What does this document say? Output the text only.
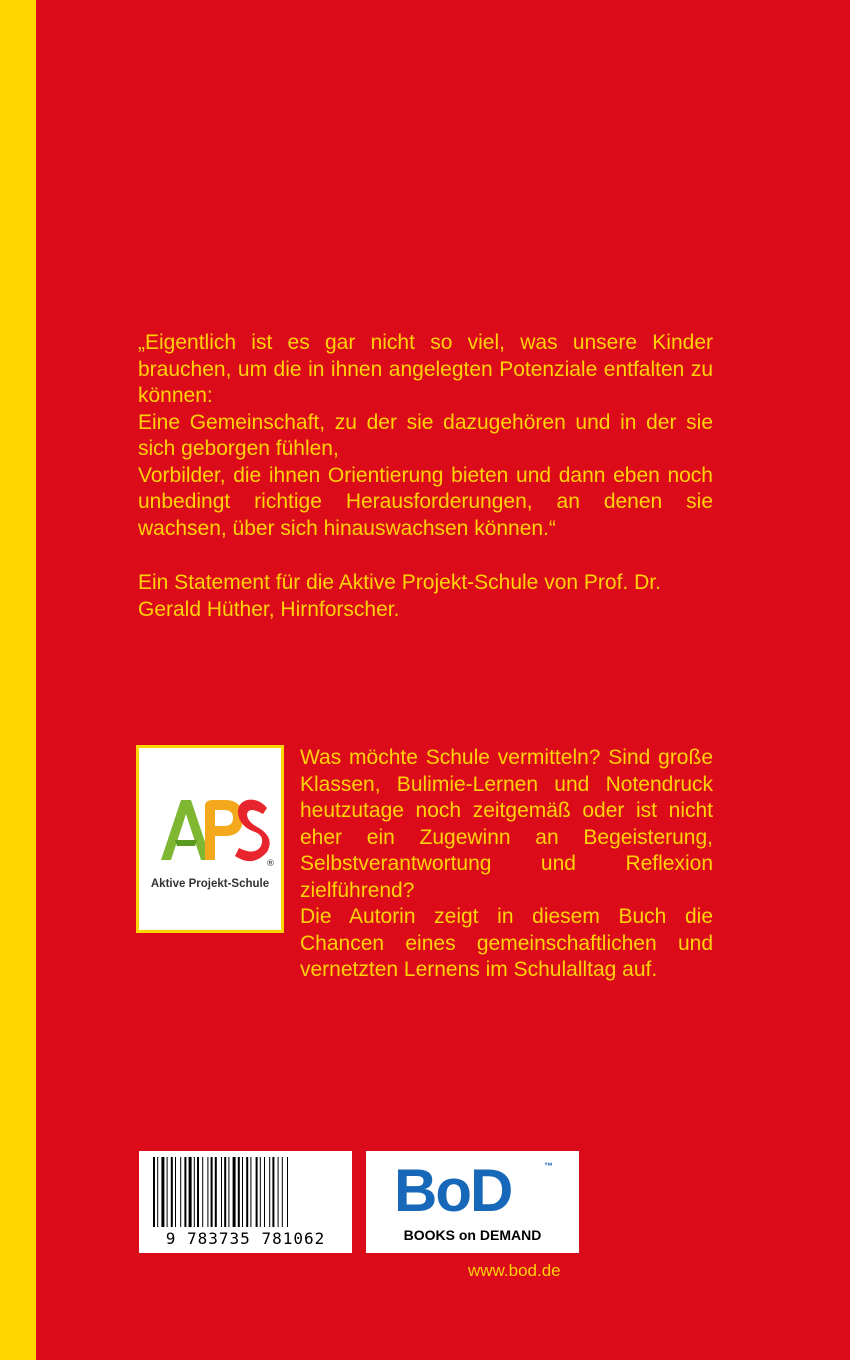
„Eigentlich ist es gar nicht so viel, was unsere Kinder brauchen, um die in ihnen angelegten Potenziale entfalten zu können:

Eine Gemeinschaft, zu der sie dazugehören und in der sie sich geborgen fühlen,

Vorbilder, die ihnen Orientierung bieten und dann eben noch unbedingt richtige Herausforderungen, an denen sie wachsen, über sich hinauswachsen können.“

Ein Statement für die Aktive Projekt-Schule von Prof. Dr. Gerald Hüther, Hirnforscher.

®
A	P	S
Aktive Projekt-Schule

Was möchte Schule vermitteln? Sind große Klassen, Bulimie-Lernen und Notendruck heutzutage noch zeitgemäß oder ist nicht eher ein Zugewinn an Begeisterung, Selbstverantwortung und Reflexion zielführend?

Die Autorin zeigt in diesem Buch die Chancen eines gemeinschaftlichen und vernetzten Lernens im Schulalltag auf.

9 783735 781062
BoD	™
BOOKS on DEMAND
www.bod.de
